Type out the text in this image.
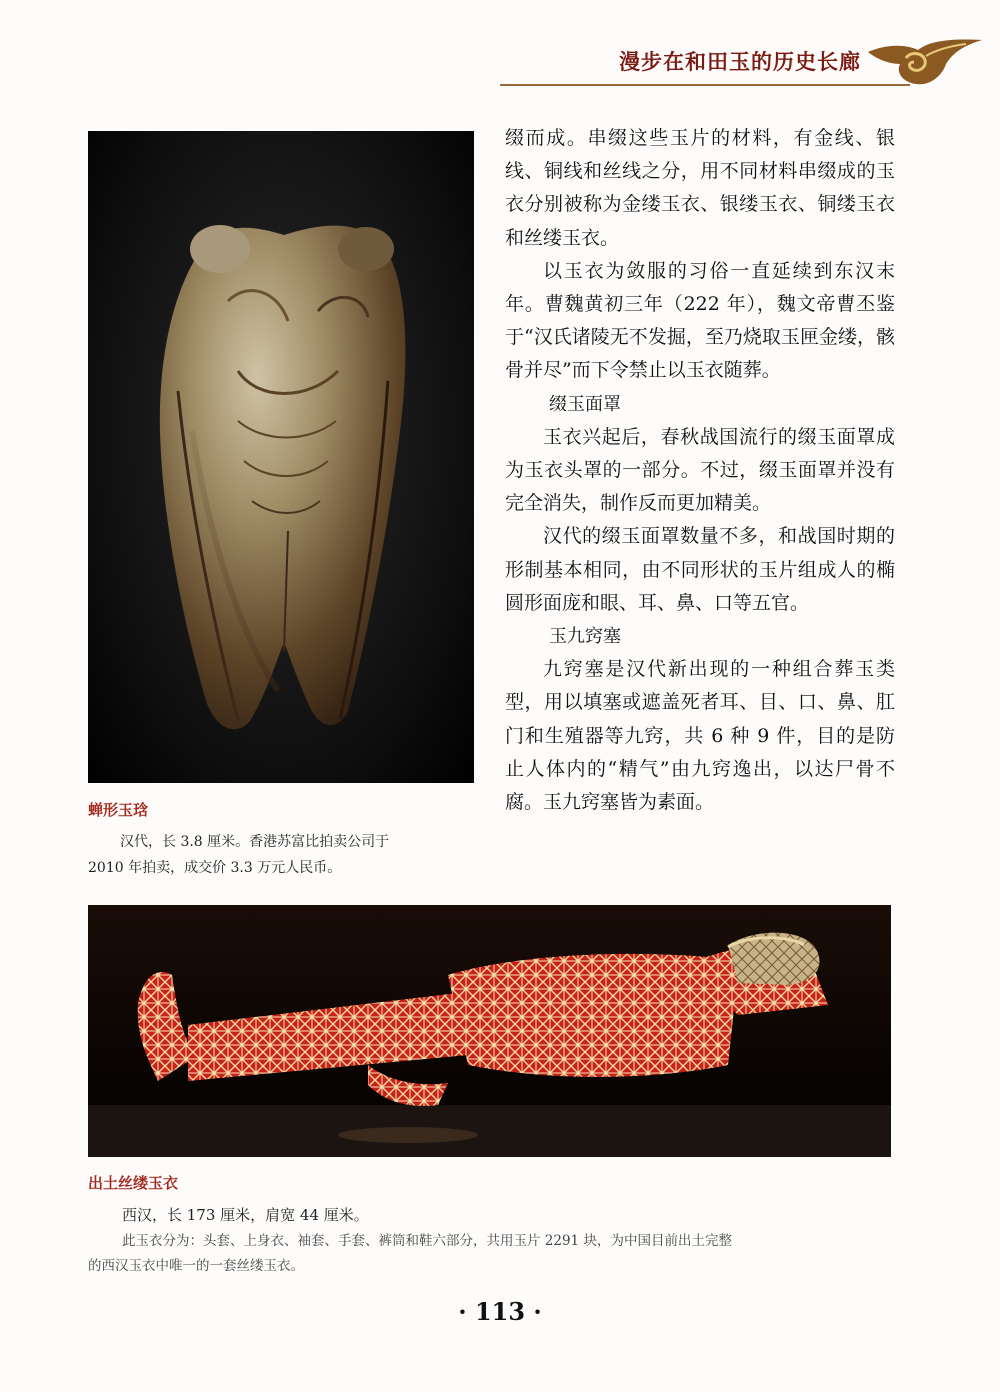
漫步在和田玉的历史长廊
蝉形玉琀
汉代，长 3.8 厘米。香港苏富比拍卖公司于
2010 年拍卖，成交价 3.3 万元人民币。

缀而成。串缀这些玉片的材料，有金线、银线、铜线和丝线之分，用不同材料串缀成的玉衣分别被称为金缕玉衣、银缕玉衣、铜缕玉衣和丝缕玉衣。

以玉衣为敛服的习俗一直延续到东汉末年。曹魏黄初三年（222 年），魏文帝曹丕鉴于“汉氏诸陵无不发掘，至乃烧取玉匣金缕，骸骨并尽”而下令禁止以玉衣随葬。

缀玉面罩

玉衣兴起后，春秋战国流行的缀玉面罩成为玉衣头罩的一部分。不过，缀玉面罩并没有完全消失，制作反而更加精美。

汉代的缀玉面罩数量不多，和战国时期的形制基本相同，由不同形状的玉片组成人的椭圆形面庞和眼、耳、鼻、口等五官。

玉九窍塞

九窍塞是汉代新出现的一种组合葬玉类型，用以填塞或遮盖死者耳、目、口、鼻、肛门和生殖器等九窍，共 6 种 9 件，目的是防止人体内的“精气”由九窍逸出，以达尸骨不腐。玉九窍塞皆为素面。

出土丝缕玉衣
西汉，长 173 厘米，肩宽 44 厘米。
此玉衣分为：头套、上身衣、袖套、手套、裤筒和鞋六部分，共用玉片 2291 块，为中国目前出土完整
的西汉玉衣中唯一的一套丝缕玉衣。
· 113 ·
